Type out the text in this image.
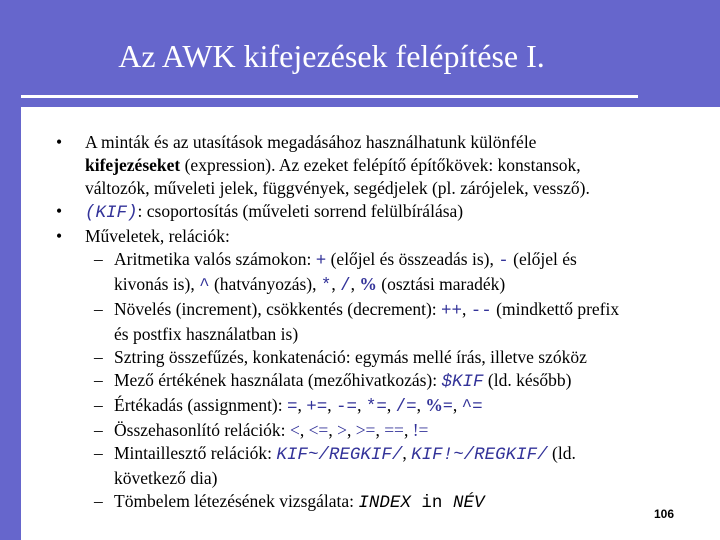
Az AWK kifejezések felépítése I.
• A minták és az utasítások megadásához használhatunk különféle
kifejezéseket (expression). Az ezeket felépítő építőkövek: konstansok,
változók, műveleti jelek, függvények, segédjelek (pl. zárójelek, vessző).
• (KIF): csoportosítás (műveleti sorrend felülbírálása)
• Műveletek, relációk:
– Aritmetika valós számokon: + (előjel és összeadás is), - (előjel és
kivonás is), ^ (hatványozás), *, /, % (osztási maradék)
– Növelés (increment), csökkentés (decrement): ++, -- (mindkettő prefix
és postfix használatban is)
– Sztring összefűzés, konkatenáció: egymás mellé írás, illetve szóköz
– Mező értékének használata (mezőhivatkozás): $KIF (ld. később)
– Értékadás (assignment): =, +=, -=, *=, /=, %=, ^=
– Összehasonlító relációk: <, <=, >, >=, ==, !=
– Mintaillesztő relációk: KIF~/REGKIF/, KIF!~/REGKIF/ (ld.
következő dia)
– Tömbelem létezésének vizsgálata: INDEX in NÉV
106
